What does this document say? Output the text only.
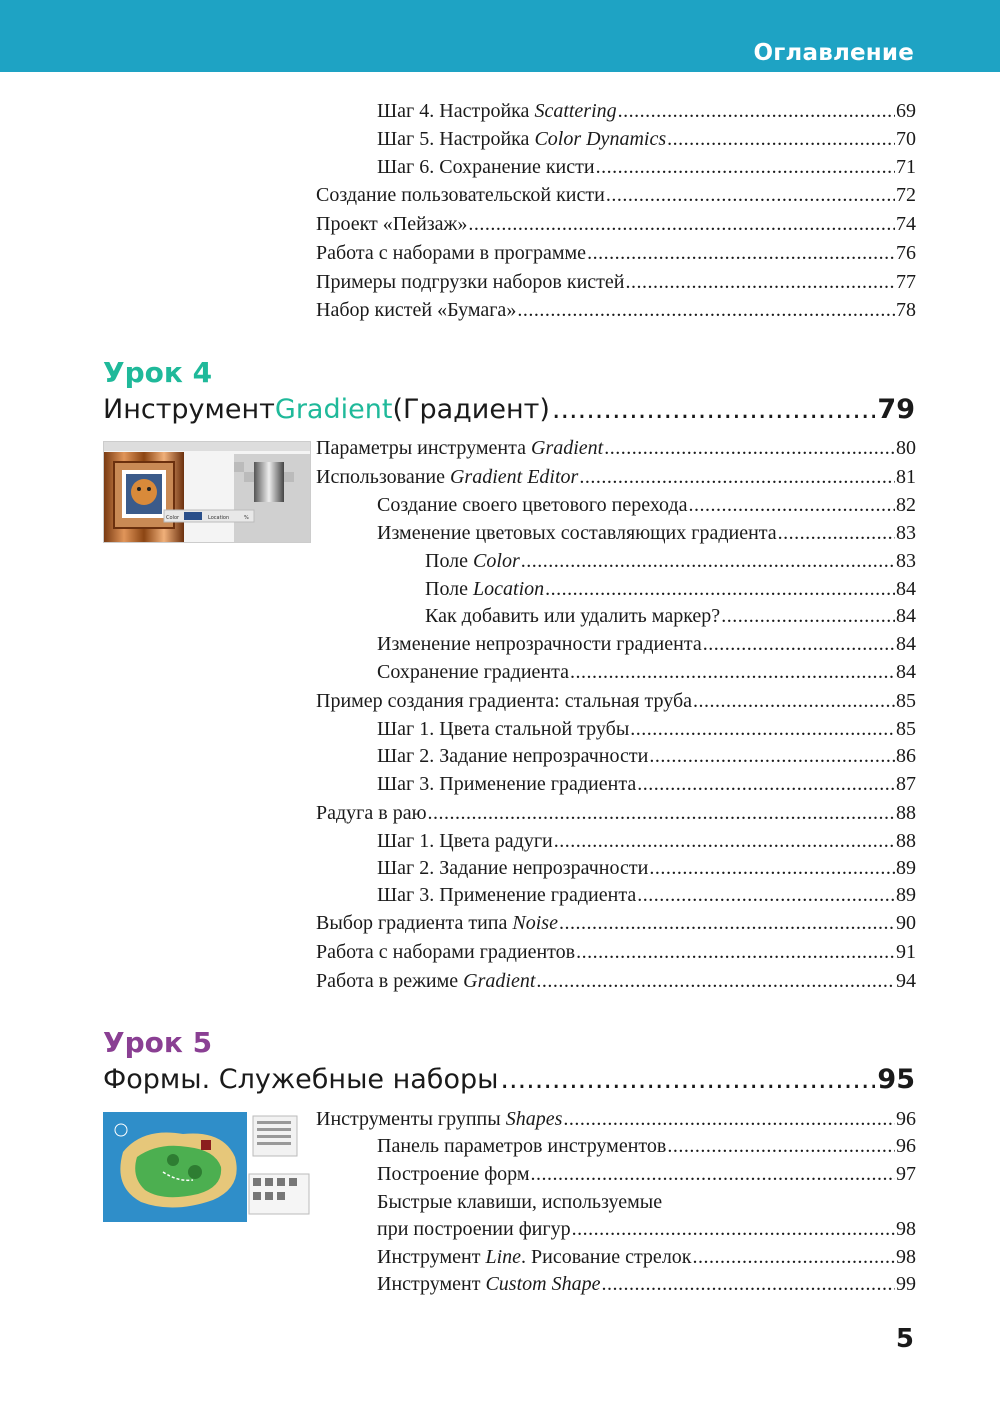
Оглавление
Шаг 4. Настройка Scattering .....	69
Шаг 5. Настройка Color Dynamics .....	70
Шаг 6. Сохранение кисти .....	71
Создание пользовательской кисти .....	72
Проект «Пейзаж» .....	74
Работа с наборами в программе .....	76
Примеры подгрузки наборов кистей .....	77
Набор кистей «Бумага» .....	78
Урок 4
Инструмент Gradient (Градиент) .....	79
Color	Location	%
Параметры инструмента Gradient .....	80
Использование Gradient Editor .....	81
Создание своего цветового перехода .....	82
Изменение цветовых составляющих градиента .....	83
Поле Color .....	83
Поле Location .....	84
Как добавить или удалить маркер? .....	84
Изменение непрозрачности градиента .....	84
Сохранение градиента .....	84
Пример создания градиента: стальная труба .....	85
Шаг 1. Цвета стальной трубы .....	85
Шаг 2. Задание непрозрачности .....	86
Шаг 3. Применение градиента .....	87
Радуга в раю .....	88
Шаг 1. Цвета радуги .....	88
Шаг 2. Задание непрозрачности .....	89
Шаг 3. Применение градиента .....	89
Выбор градиента типа Noise .....	90
Работа с наборами градиентов .....	91
Работа в режиме Gradient .....	94
Урок 5
Формы. Служебные наборы .....	95
Инструменты группы Shapes .....	96
Панель параметров инструментов .....	96
Построение форм .....	97
Быстрые клавиши, используемые
при построении фигур .....	98
Инструмент Line. Рисование стрелок .....	98
Инструмент Custom Shape .....	99
5
